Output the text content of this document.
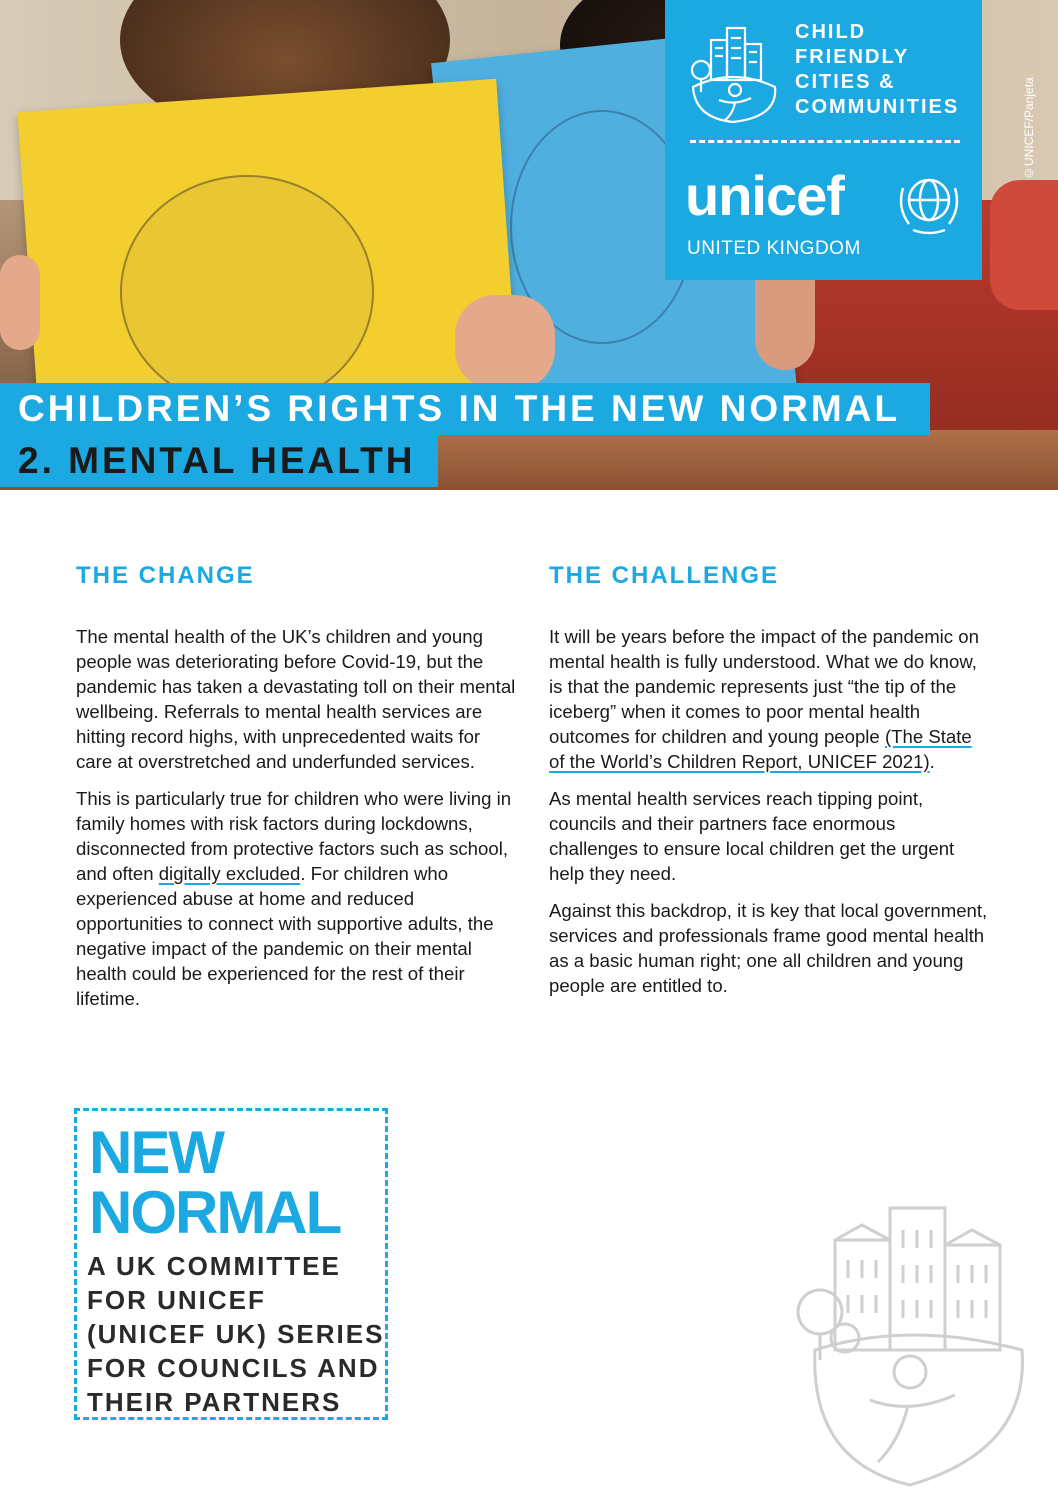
©UNICEF/Panjeta
CHILD
FRIENDLY
CITIES &
COMMUNITIES
unicef
UNITED KINGDOM
CHILDREN’S RIGHTS IN THE NEW NORMAL
2. MENTAL HEALTH
THE CHANGE

The mental health of the UK’s children and young people was deteriorating before Covid-19, but the pandemic has taken a devastating toll on their mental wellbeing. Referrals to mental health services are hitting record highs, with unprecedented waits for care at overstretched and underfunded services.

This is particularly true for children who were living in family homes with risk factors during lockdowns, disconnected from protective factors such as school, and often digitally excluded. For children who experienced abuse at home and reduced opportunities to connect with supportive adults, the negative impact of the pandemic on their mental health could be experienced for the rest of their lifetime.

THE CHALLENGE

It will be years before the impact of the pandemic on mental health is fully understood. What we do know, is that the pandemic represents just “the tip of the iceberg” when it comes to poor mental health outcomes for children and young people (The State of the World’s Children Report, UNICEF 2021).

As mental health services reach tipping point, councils and their partners face enormous challenges to ensure local children get the urgent help they need.

Against this backdrop, it is key that local government, services and professionals frame good mental health as a basic human right; one all children and young people are entitled to.

NEW
NORMAL
A UK COMMITTEE
FOR UNICEF
(UNICEF UK) SERIES
FOR COUNCILS AND
THEIR PARTNERS
